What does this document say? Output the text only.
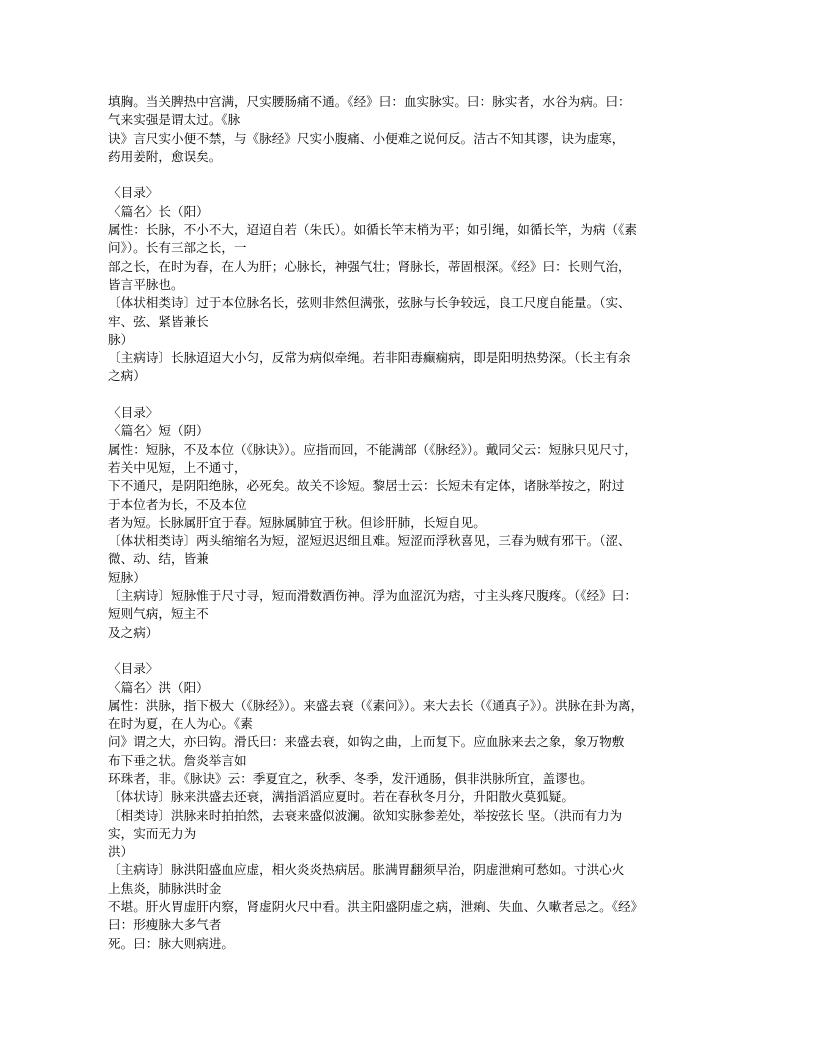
填胸。当关脾热中宫满，尺实腰肠痛不通。《经》曰：血实脉实。曰：脉实者，水谷为病。曰：

气来实强是谓太过。《脉

诀》言尺实小便不禁，与《脉经》尺实小腹痛、小便难之说何反。洁古不知其谬，诀为虚寒，

药用姜附，愈误矣。

〈目录〉

〈篇名〉长（阳）

属性：长脉，不小不大，迢迢自若（朱氏）。如循长竿末梢为平；如引绳，如循长竿，为病（《素

问》）。长有三部之长，一

部之长，在时为春，在人为肝；心脉长，神强气壮；肾脉长，蒂固根深。《经》曰：长则气治，

皆言平脉也。

〔体状相类诗〕过于本位脉名长，弦则非然但满张，弦脉与长争较远，良工尺度自能量。（实、

牢、弦、紧皆兼长

脉）

〔主病诗〕长脉迢迢大小匀，反常为病似牵绳。若非阳毒癫痫病，即是阳明热势深。（长主有余

之病）

〈目录〉

〈篇名〉短（阴）

属性：短脉，不及本位（《脉诀》）。应指而回，不能满部（《脉经》）。戴同父云：短脉只见尺寸，

若关中见短，上不通寸，

下不通尺，是阴阳绝脉，必死矣。故关不诊短。黎居士云：长短未有定体，诸脉举按之，附过

于本位者为长，不及本位

者为短。长脉属肝宜于春。短脉属肺宜于秋。但诊肝肺，长短自见。

〔体状相类诗〕两头缩缩名为短，涩短迟迟细且难。短涩而浮秋喜见，三春为贼有邪干。（涩、

微、动、结，皆兼

短脉）

〔主病诗〕短脉惟于尺寸寻，短而滑数酒伤神。浮为血涩沉为痞，寸主头疼尺腹疼。（《经》曰：

短则气病，短主不

及之病）

〈目录〉

〈篇名〉洪（阳）

属性：洪脉，指下极大（《脉经》）。来盛去衰（《素问》）。来大去长（《通真子》）。洪脉在卦为离，

在时为夏，在人为心。《素

问》谓之大，亦曰钩。滑氏曰：来盛去衰，如钩之曲，上而复下。应血脉来去之象，象万物敷

布下垂之状。詹炎举言如

环珠者，非。《脉诀》云：季夏宜之，秋季、冬季，发汗通肠，俱非洪脉所宜，盖谬也。

〔体状诗〕脉来洪盛去还衰，满指滔滔应夏时。若在春秋冬月分，升阳散火莫狐疑。

〔相类诗〕洪脉来时拍拍然，去衰来盛似波澜。欲知实脉参差处，举按弦长 坚。（洪而有力为

实，实而无力为

洪）

〔主病诗〕脉洪阳盛血应虚，相火炎炎热病居。胀满胃翻须早治，阴虚泄痢可愁如。寸洪心火

上焦炎，肺脉洪时金

不堪。肝火胃虚肝内察，肾虚阴火尺中看。洪主阳盛阴虚之病，泄痢、失血、久嗽者忌之。《经》

曰：形瘦脉大多气者

死。曰：脉大则病进。
